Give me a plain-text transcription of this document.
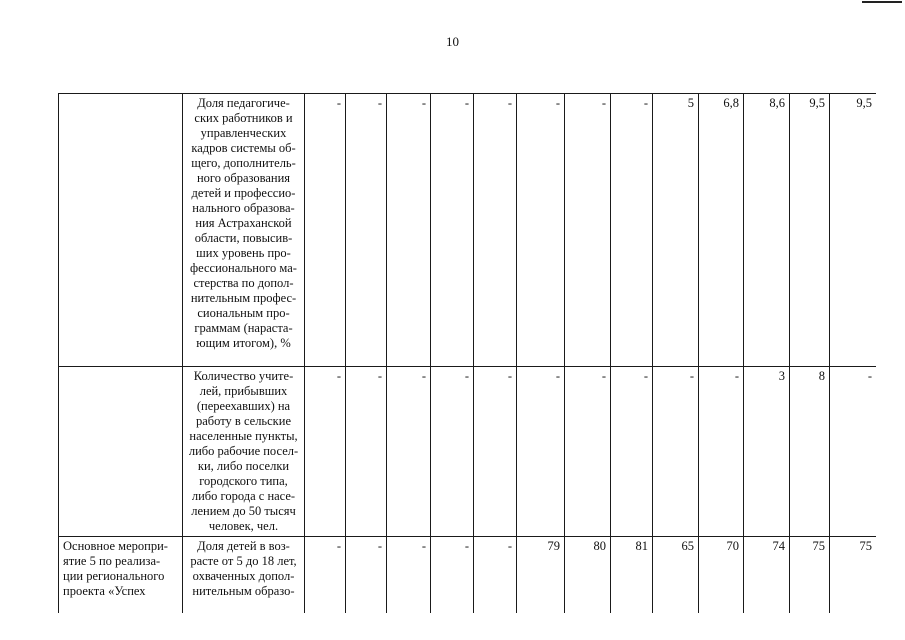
10
	Доля педагогиче-ских работников и управленческих кадров системы об-щего, дополнитель-ного образования детей и профессио-нального образова-ния Астраханской области, повысив-ших уровень про-фессионального ма-стерства по допол-нительным профес-сиональным про-граммам (нараста-ющим итогом), %	-	-	-	-	-	-	-	-	5	6,8	8,6	9,5	9,5
	Количество учите-лей, прибывших (переехавших) на работу в сельские населенные пункты, либо рабочие посел-ки, либо поселки городского типа, либо города с насе-лением до 50 тысяч человек, чел.	-	-	-	-	-	-	-	-	-	-	3	8	-
Основное меропри-ятие 5 по реализа-ции регионального проекта «Успех	Доля детей в воз-расте от 5 до 18 лет, охваченных допол-нительным образо-	-	-	-	-	-	79	80	81	65	70	74	75	75
